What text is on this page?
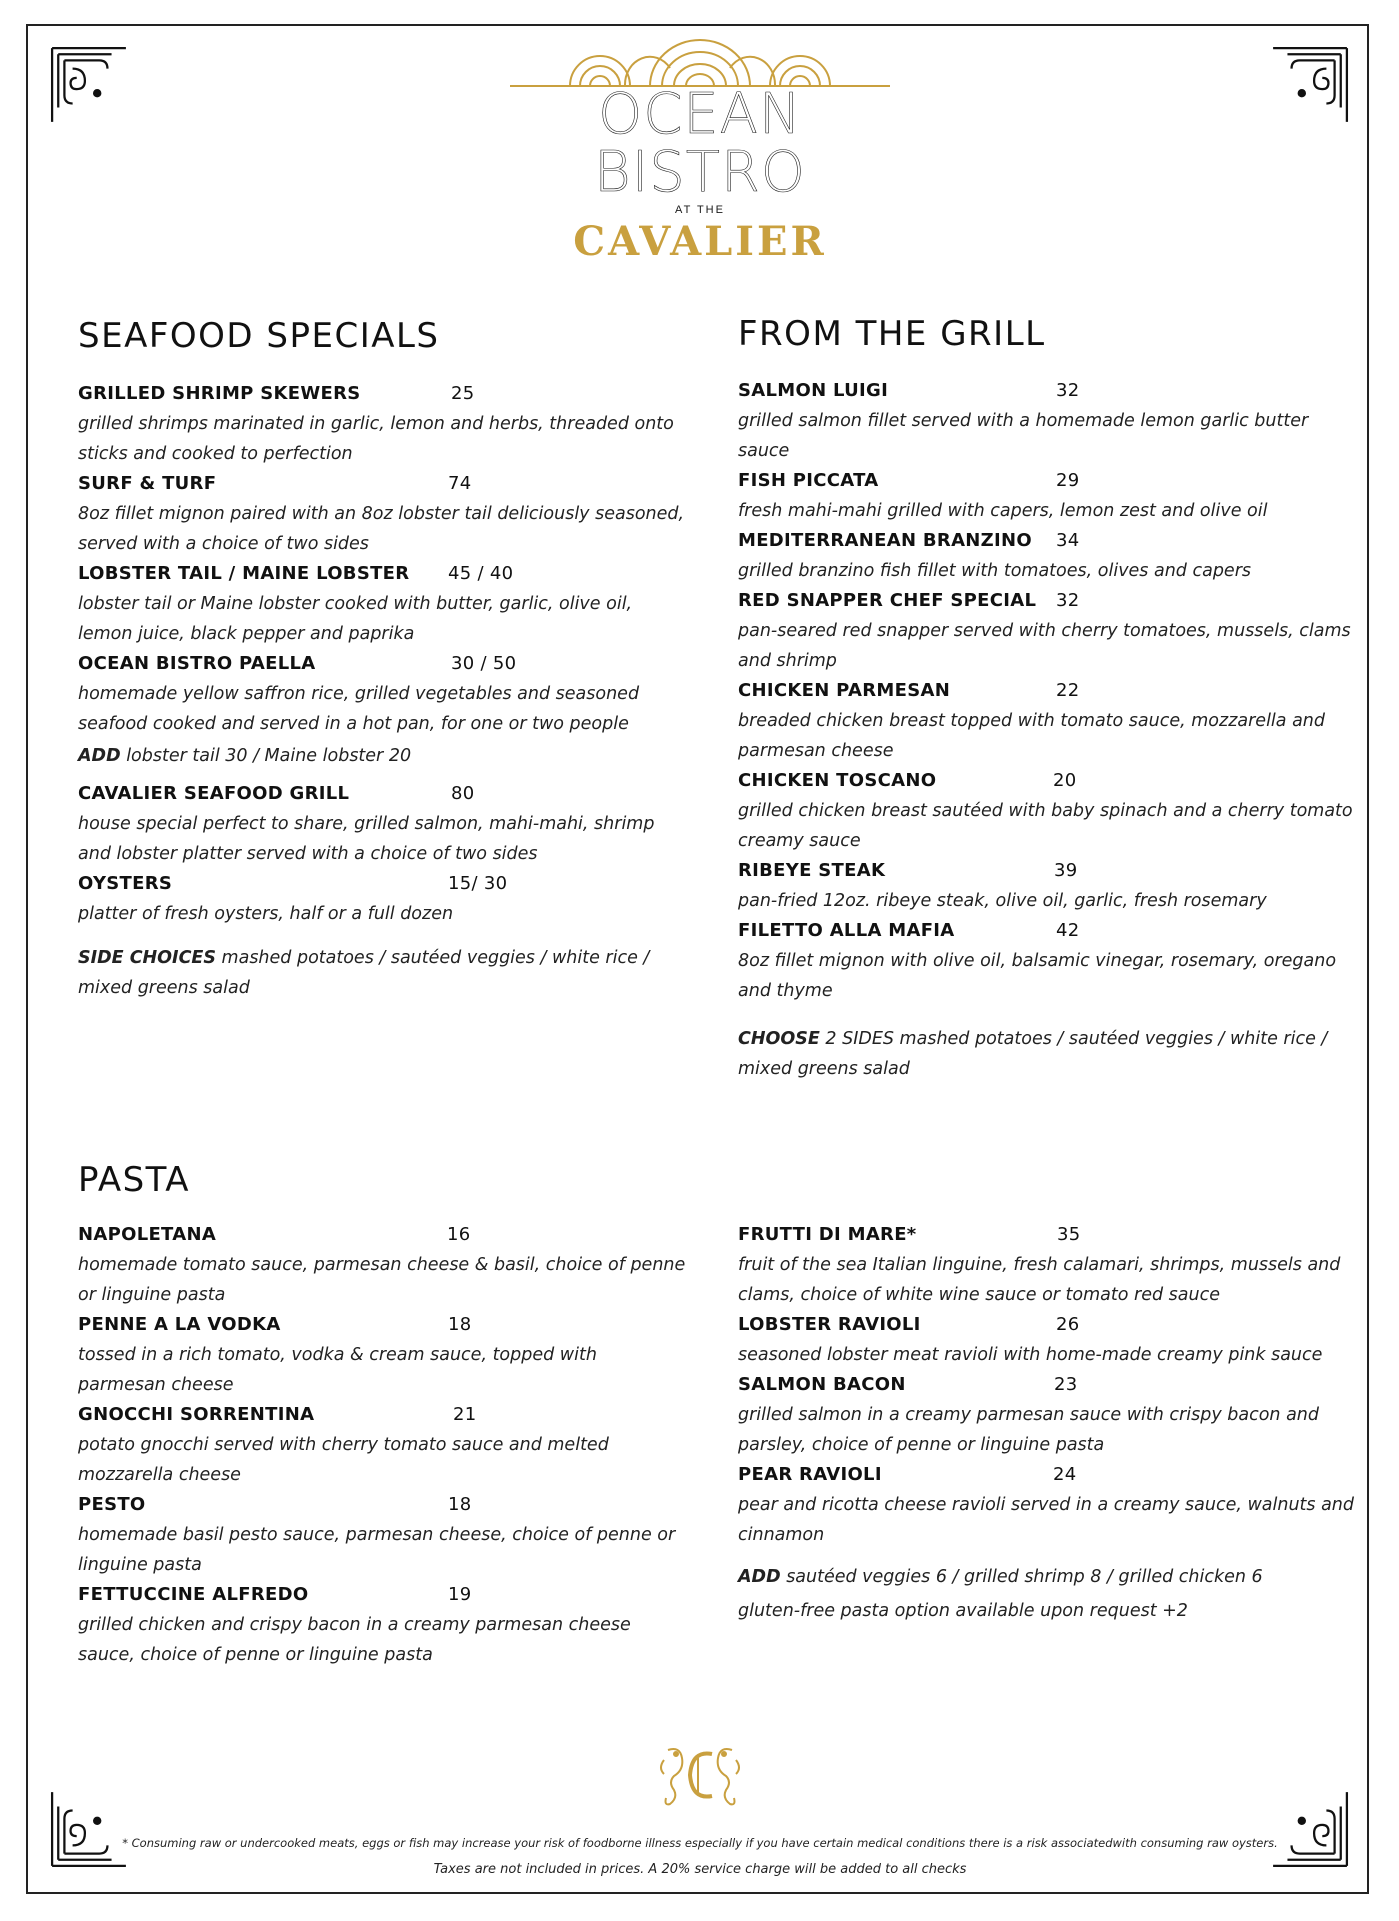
OCEAN BISTRO
AT THE
CAVALIER
SEAFOOD SPECIALS
GRILLED SHRIMP SKEWERS	25
grilled shrimps marinated in garlic, lemon and herbs, threaded onto sticks and cooked to perfection
SURF & TURF	74
8oz fillet mignon paired with an 8oz lobster tail deliciously seasoned, served with a choice of two sides
LOBSTER TAIL / MAINE LOBSTER 45 / 40
lobster tail or Maine lobster cooked with butter, garlic, olive oil, lemon juice, black pepper and paprika
OCEAN BISTRO PAELLA	30 / 50
homemade yellow saffron rice, grilled vegetables and seasoned seafood cooked and served in a hot pan, for one or two people
ADD lobster tail 30 / Maine lobster 20
CAVALIER SEAFOOD GRILL	80
house special perfect to share, grilled salmon, mahi-mahi, shrimp and lobster platter served with a choice of two sides
OYSTERS	15/ 30
platter of fresh oysters, half or a full dozen
SIDE CHOICES mashed potatoes / sautéed veggies / white rice / mixed greens salad
FROM THE GRILL
SALMON LUIGI	32
grilled salmon fillet served with a homemade lemon garlic butter sauce
FISH PICCATA	29
fresh mahi-mahi grilled with capers, lemon zest and olive oil
MEDITERRANEAN BRANZINO 34
grilled branzino fish fillet with tomatoes, olives and capers
RED SNAPPER CHEF SPECIAL 32
pan-seared red snapper served with cherry tomatoes, mussels, clams and shrimp
CHICKEN PARMESAN	22
breaded chicken breast topped with tomato sauce, mozzarella and parmesan cheese
CHICKEN TOSCANO	20
grilled chicken breast sautéed with baby spinach and a cherry tomato creamy sauce
RIBEYE STEAK	39
pan-fried 12oz. ribeye steak, olive oil, garlic, fresh rosemary
FILETTO ALLA MAFIA	42
8oz fillet mignon with olive oil, balsamic vinegar, rosemary, oregano and thyme
CHOOSE 2 SIDES mashed potatoes / sautéed veggies / white rice / mixed greens salad
PASTA
NAPOLETANA	16
homemade tomato sauce, parmesan cheese & basil, choice of penne or linguine pasta
PENNE A LA VODKA	18
tossed in a rich tomato, vodka & cream sauce, topped with parmesan cheese
GNOCCHI SORRENTINA	21
potato gnocchi served with cherry tomato sauce and melted mozzarella cheese
PESTO	18
homemade basil pesto sauce, parmesan cheese, choice of penne or linguine pasta
FETTUCCINE ALFREDO	19
grilled chicken and crispy bacon in a creamy parmesan cheese sauce, choice of penne or linguine pasta
FRUTTI DI MARE*	35
fruit of the sea Italian linguine, fresh calamari, shrimps, mussels and clams, choice of white wine sauce or tomato red sauce
LOBSTER RAVIOLI	26
seasoned lobster meat ravioli with home-made creamy pink sauce
SALMON BACON	23
grilled salmon in a creamy parmesan sauce with crispy bacon and parsley, choice of penne or linguine pasta
PEAR RAVIOLI	24
pear and ricotta cheese ravioli served in a creamy sauce, walnuts and cinnamon
ADD sautéed veggies 6 / grilled shrimp 8 / grilled chicken 6
gluten-free pasta option available upon request +2
* Consuming raw or undercooked meats, eggs or fish may increase your risk of foodborne illness especially if you have certain medical conditions there is a risk associatedwith consuming raw oysters.
Taxes are not included in prices. A 20% service charge will be added to all checks
